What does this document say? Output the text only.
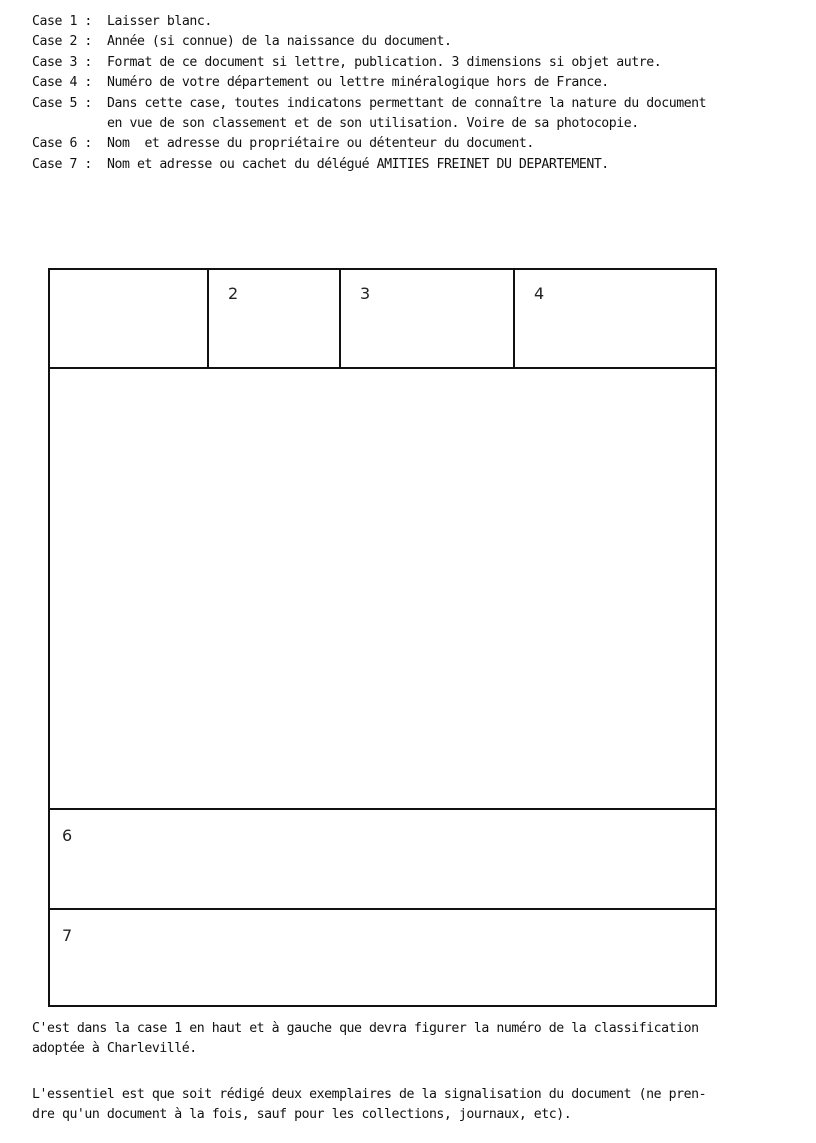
Case 1 :	Laisser blanc.
Case 2 :	Année (si connue) de la naissance du document.
Case 3 :	Format de ce document si lettre, publication. 3 dimensions si objet autre.
Case 4 :	Numéro de votre département ou lettre minéralogique hors de France.
Case 5 :	Dans cette case, toutes indicatons permettant de connaître la nature du document
en vue de son classement et de son utilisation. Voire de sa photocopie.
Case 6 :	Nom  et adresse du propriétaire ou détenteur du document.
Case 7 :	Nom et adresse ou cachet du délégué AMITIES FREINET DU DEPARTEMENT.
2	3	4
6
7
C'est dans la case 1 en haut et à gauche que devra figurer la numéro de la classification
adoptée à Charlevillé.
L'essentiel est que soit rédigé deux exemplaires de la signalisation du document (ne pren-
dre qu'un document à la fois, sauf pour les collections, journaux, etc).
